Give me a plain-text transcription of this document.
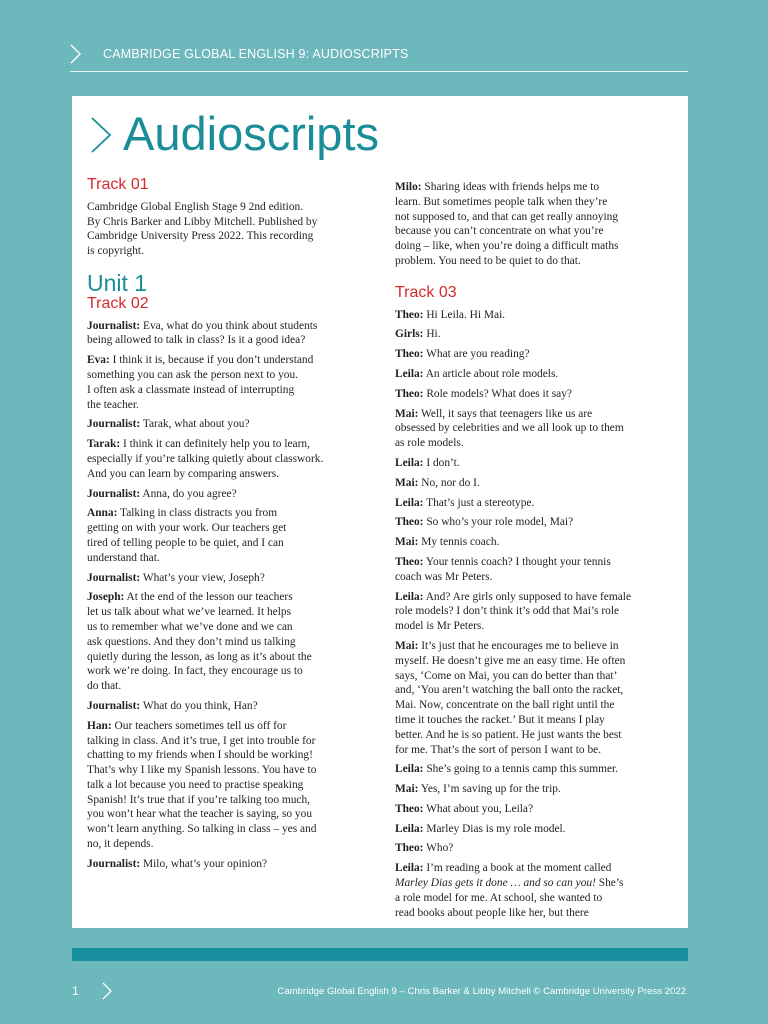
CAMBRIDGE GLOBAL ENGLISH 9: AUDIOSCRIPTS
Audioscripts
Track 01

Cambridge Global English Stage 9 2nd edition.
By Chris Barker and Libby Mitchell. Published by
Cambridge University Press 2022. This recording
is copyright.

Unit 1
Track 02

Journalist: Eva, what do you think about students
being allowed to talk in class? Is it a good idea?

Eva: I think it is, because if you don’t understand
something you can ask the person next to you.
I often ask a classmate instead of interrupting
the teacher.

Journalist: Tarak, what about you?

Tarak: I think it can definitely help you to learn,
especially if you’re talking quietly about classwork.
And you can learn by comparing answers.

Journalist: Anna, do you agree?

Anna: Talking in class distracts you from
getting on with your work. Our teachers get
tired of telling people to be quiet, and I can
understand that.

Journalist: What’s your view, Joseph?

Joseph: At the end of the lesson our teachers
let us talk about what we’ve learned. It helps
us to remember what we’ve done and we can
ask questions. And they don’t mind us talking
quietly during the lesson, as long as it’s about the
work we’re doing. In fact, they encourage us to
do that.

Journalist: What do you think, Han?

Han: Our teachers sometimes tell us off for
talking in class. And it’s true, I get into trouble for
chatting to my friends when I should be working!
That’s why I like my Spanish lessons. You have to
talk a lot because you need to practise speaking
Spanish! It’s true that if you’re talking too much,
you won’t hear what the teacher is saying, so you
won’t learn anything. So talking in class – yes and
no, it depends.

Journalist: Milo, what’s your opinion?

Milo: Sharing ideas with friends helps me to
learn. But sometimes people talk when they’re
not supposed to, and that can get really annoying
because you can’t concentrate on what you’re
doing – like, when you’re doing a difficult maths
problem. You need to be quiet to do that.

Track 03

Theo: Hi Leila. Hi Mai.

Girls: Hi.

Theo: What are you reading?

Leila: An article about role models.

Theo: Role models? What does it say?

Mai: Well, it says that teenagers like us are
obsessed by celebrities and we all look up to them
as role models.

Leila: I don’t.

Mai: No, nor do I.

Leila: That’s just a stereotype.

Theo: So who’s your role model, Mai?

Mai: My tennis coach.

Theo: Your tennis coach? I thought your tennis
coach was Mr Peters.

Leila: And? Are girls only supposed to have female
role models? I don’t think it’s odd that Mai’s role
model is Mr Peters.

Mai: It’s just that he encourages me to believe in
myself. He doesn’t give me an easy time. He often
says, ‘Come on Mai, you can do better than that’
and, ‘You aren’t watching the ball onto the racket,
Mai. Now, concentrate on the ball right until the
time it touches the racket.’ But it means I play
better. And he is so patient. He just wants the best
for me. That’s the sort of person I want to be.

Leila: She’s going to a tennis camp this summer.

Mai: Yes, I’m saving up for the trip.

Theo: What about you, Leila?

Leila: Marley Dias is my role model.

Theo: Who?

Leila: I’m reading a book at the moment called
Marley Dias gets it done … and so can you! She’s
a role model for me. At school, she wanted to
read books about people like her, but there

1	Cambridge Global English 9 – Chris Barker & Libby Mitchell © Cambridge University Press 2022
